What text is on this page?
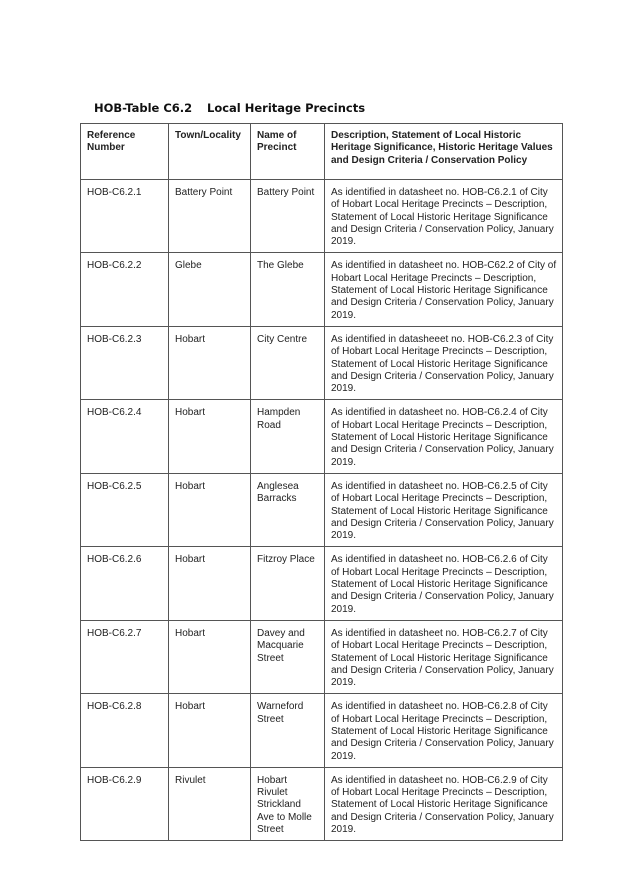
HOB-Table C6.2 Local Heritage Precincts
Reference Number	Town/Locality	Name of Precinct	Description, Statement of Local Historic Heritage Significance, Historic Heritage Values and Design Criteria / Conservation Policy
HOB-C6.2.1	Battery Point	Battery Point	As identified in datasheet no. HOB-C6.2.1 of City of Hobart Local Heritage Precincts – Description, Statement of Local Historic Heritage Significance and Design Criteria / Conservation Policy, January 2019.
HOB-C6.2.2	Glebe	The Glebe	As identified in datasheet no. HOB-C62.2 of City of Hobart Local Heritage Precincts – Description, Statement of Local Historic Heritage Significance and Design Criteria / Conservation Policy, January 2019.
HOB-C6.2.3	Hobart	City Centre	As identified in datasheeet no. HOB-C6.2.3 of City of Hobart Local Heritage Precincts – Description, Statement of Local Historic Heritage Significance and Design Criteria / Conservation Policy, January 2019.
HOB-C6.2.4	Hobart	Hampden Road	As identified in datasheet no. HOB-C6.2.4 of City of Hobart Local Heritage Precincts – Description, Statement of Local Historic Heritage Significance and Design Criteria / Conservation Policy, January 2019.
HOB-C6.2.5	Hobart	Anglesea Barracks	As identified in datasheet no. HOB-C6.2.5 of City of Hobart Local Heritage Precincts – Description, Statement of Local Historic Heritage Significance and Design Criteria / Conservation Policy, January 2019.
HOB-C6.2.6	Hobart	Fitzroy Place	As identified in datasheet no. HOB-C6.2.6 of City of Hobart Local Heritage Precincts – Description, Statement of Local Historic Heritage Significance and Design Criteria / Conservation Policy, January 2019.
HOB-C6.2.7	Hobart	Davey and Macquarie Street	As identified in datasheet no. HOB-C6.2.7 of City of Hobart Local Heritage Precincts – Description, Statement of Local Historic Heritage Significance and Design Criteria / Conservation Policy, January 2019.
HOB-C6.2.8	Hobart	Warneford Street	As identified in datasheet no. HOB-C6.2.8 of City of Hobart Local Heritage Precincts – Description, Statement of Local Historic Heritage Significance and Design Criteria / Conservation Policy, January 2019.
HOB-C6.2.9	Rivulet	Hobart Rivulet Strickland Ave to Molle Street	As identified in datasheet no. HOB-C6.2.9 of City of Hobart Local Heritage Precincts – Description, Statement of Local Historic Heritage Significance and Design Criteria / Conservation Policy, January 2019.
